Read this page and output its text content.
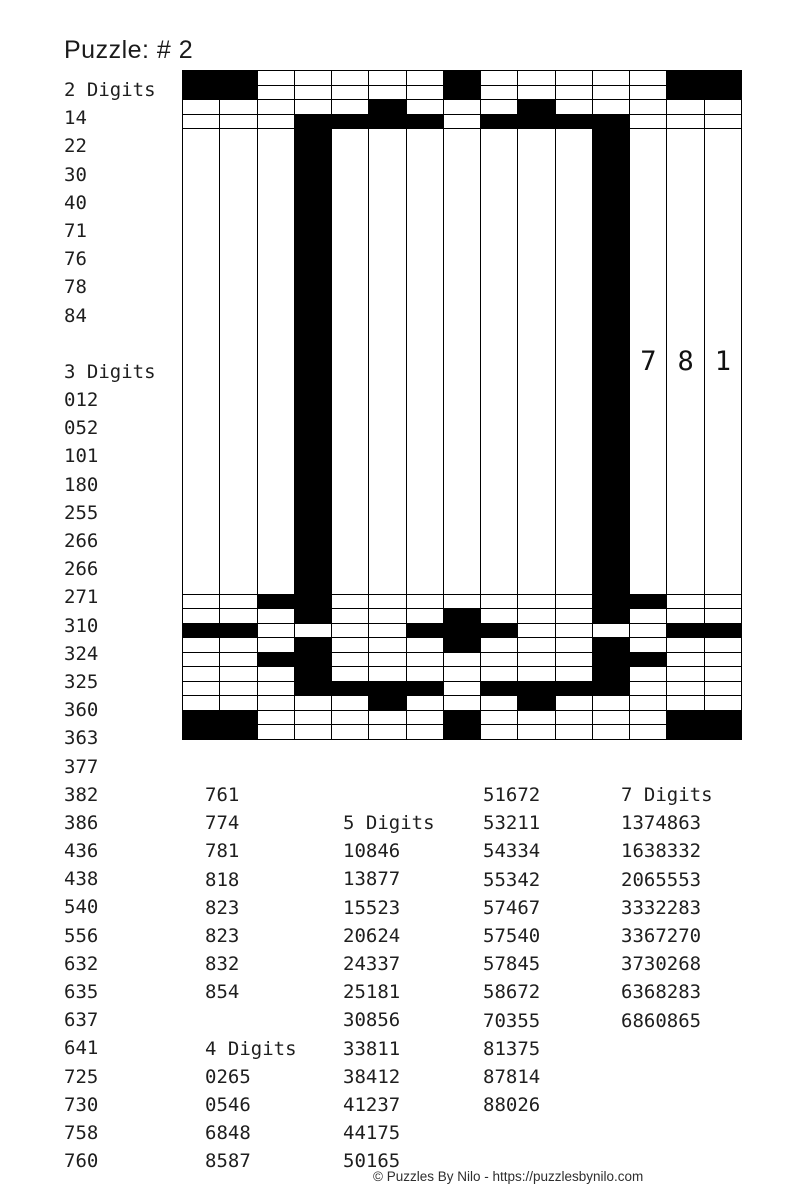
Puzzle: # 2

												7	8	1

2 Digits
14
22
30
40
71
76
78
84

3 Digits
012
052
101
180
255
266
266
271
310
324
325
360
363
377
382
386
436
438
540
556
632
635
637
641
725
730
758
760
761
774
781
818
823
823
832
854

4 Digits
0265
0546
6848
8587
5 Digits
10846
13877
15523
20624
24337
25181
30856
33811
38412
41237
44175
50165
51672
53211
54334
55342
57467
57540
57845
58672
70355
81375
87814
88026
7 Digits
1374863
1638332
2065553
3332283
3367270
3730268
6368283
6860865
© Puzzles By Nilo - https://puzzlesbynilo.com
